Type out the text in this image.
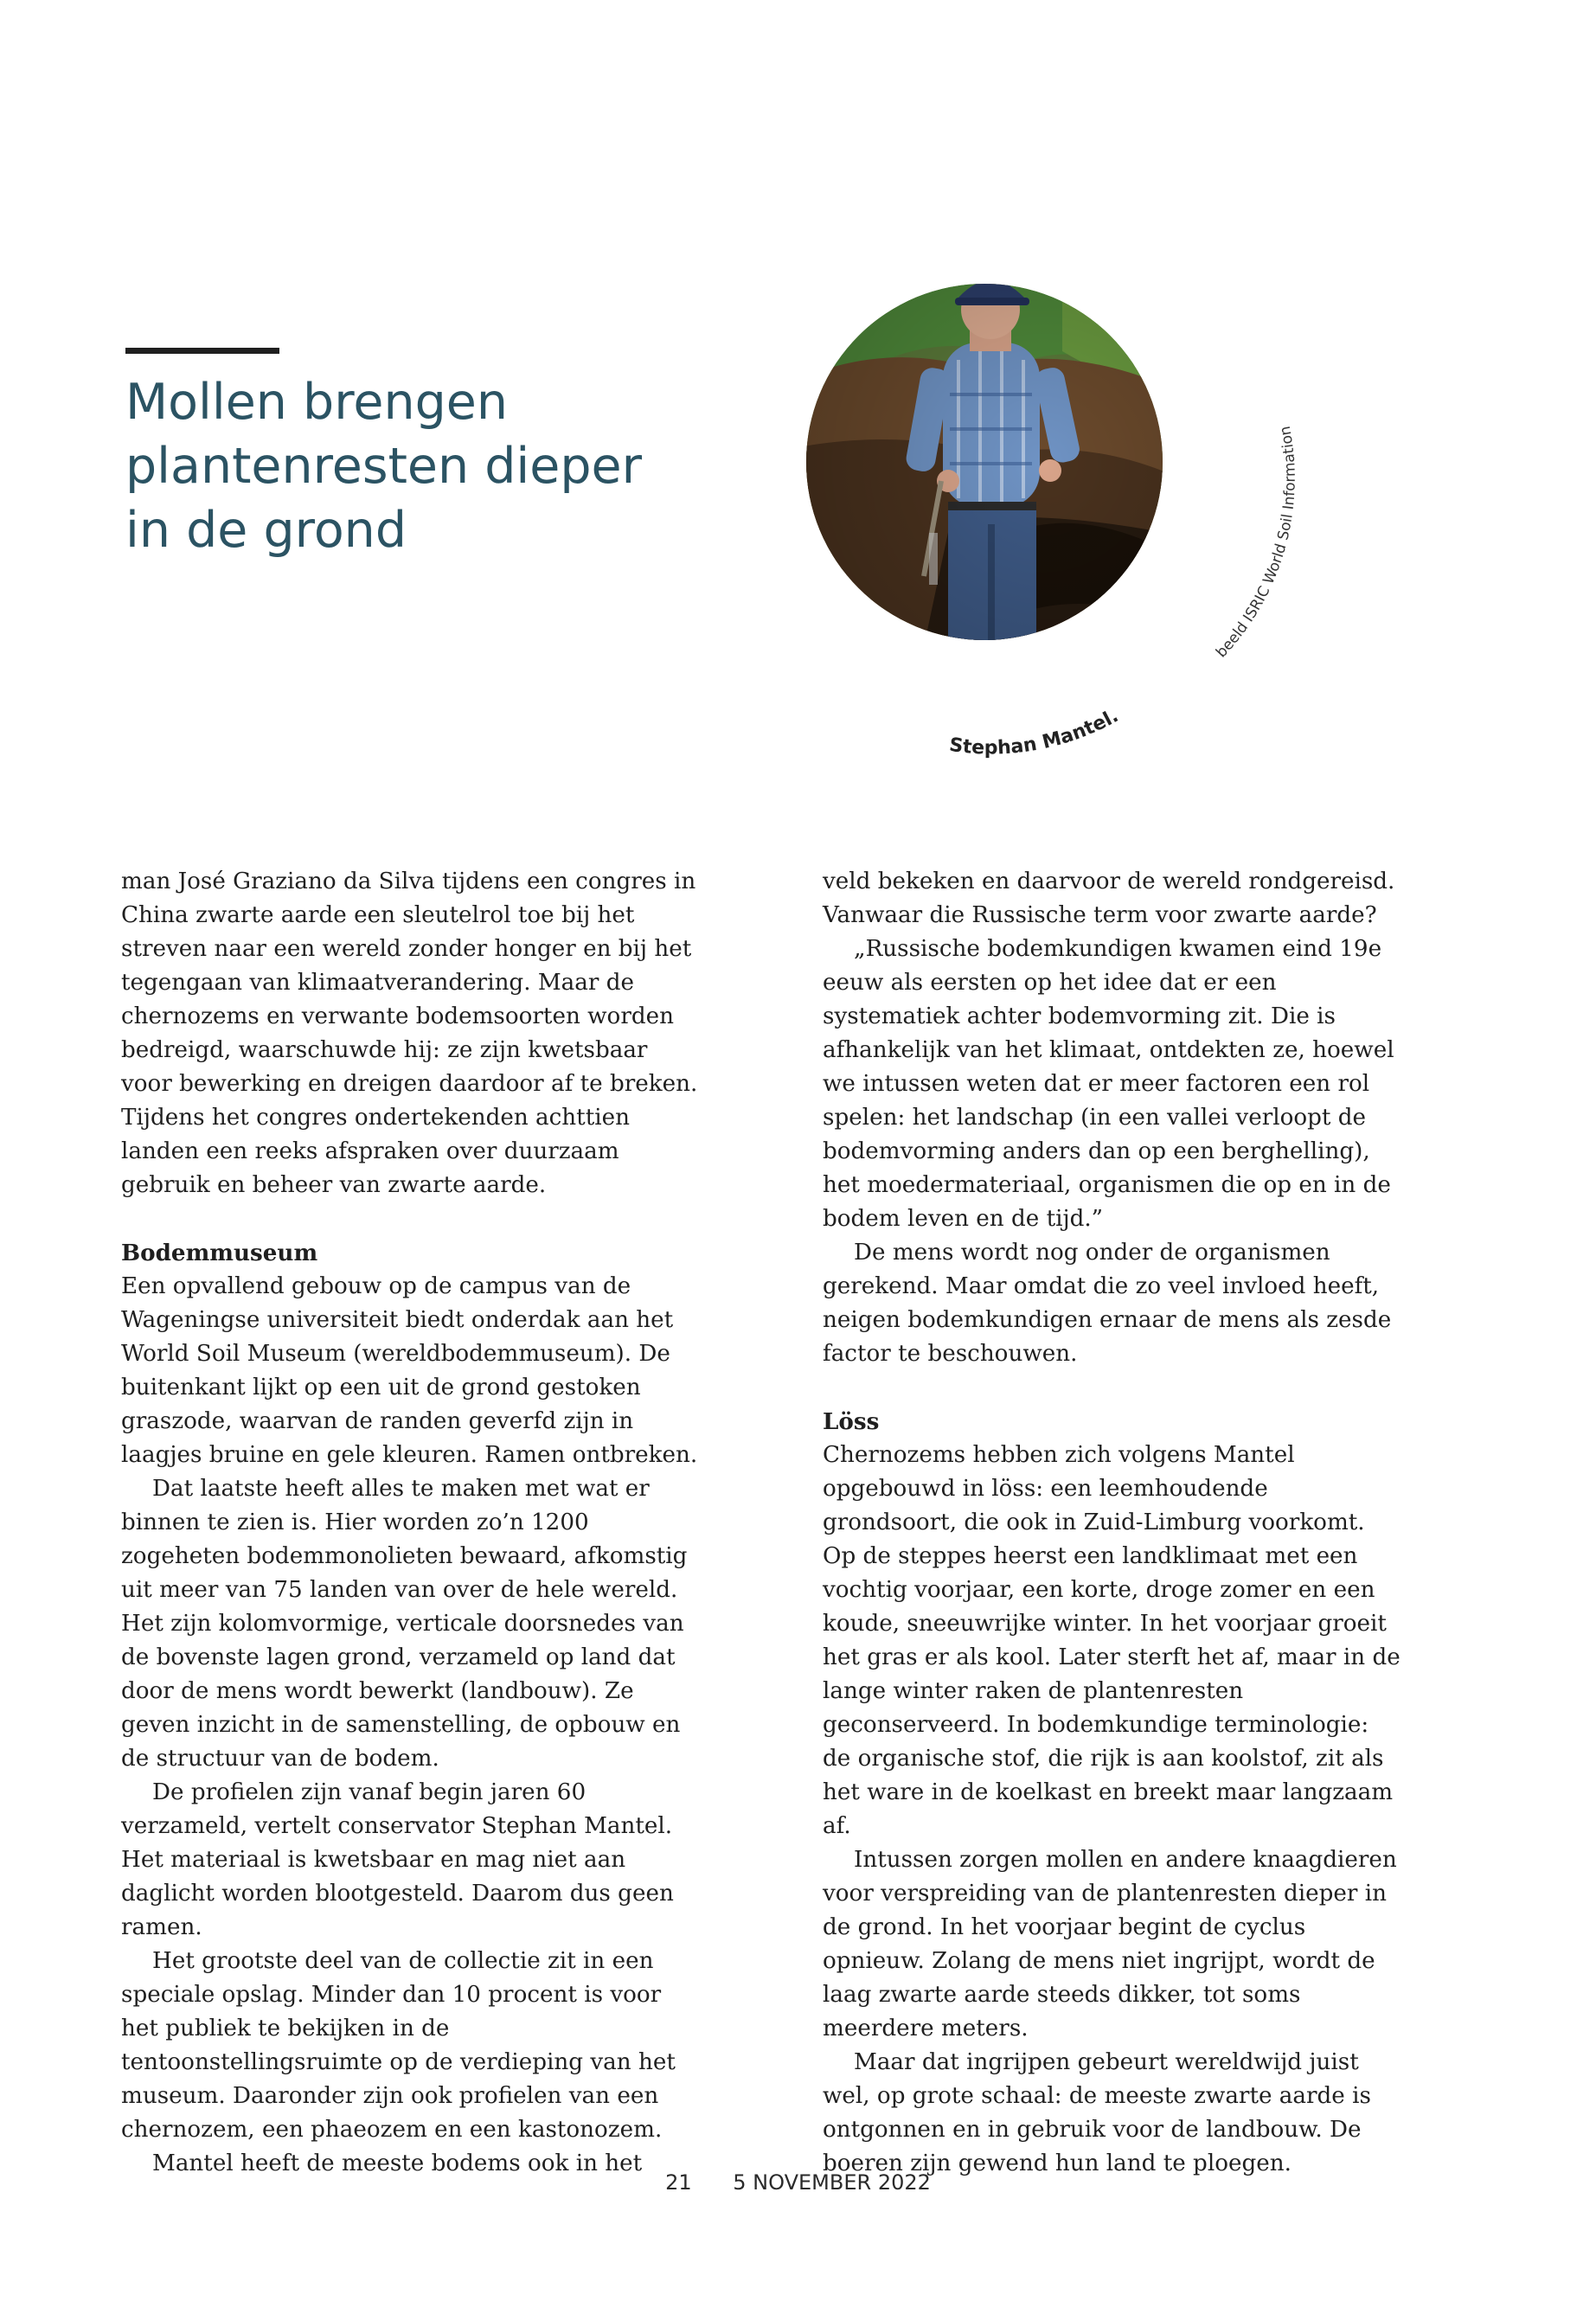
Mollen brengen
plantenresten dieper
in de grond
Stephan Mantel.
beeld ISRIC World Soil Information

man José Graziano da Silva tijdens een congres in China zwarte aarde een sleutelrol toe bij het streven naar een wereld zonder honger en bij het tegengaan van klimaatverandering. Maar de chernozems en verwante bodemsoorten worden bedreigd, waarschuwde hij: ze zijn kwetsbaar voor bewerking en dreigen daardoor af te breken. Tijdens het congres ondertekenden achttien landen een reeks afspraken over duurzaam gebruik en beheer van zwarte aarde.

Bodemmuseum

Een opvallend gebouw op de campus van de Wageningse universiteit biedt onderdak aan het World Soil Museum (wereldbodemmuseum). De buitenkant lijkt op een uit de grond gestoken graszode, waarvan de randen geverfd zijn in laagjes bruine en gele kleuren. Ramen ontbreken.

Dat laatste heeft alles te maken met wat er binnen te zien is. Hier worden zo’n 1200 zogeheten bodemmonolieten bewaard, afkomstig uit meer van 75 landen van over de hele wereld. Het zijn kolomvormige, verticale doorsnedes van de bovenste lagen grond, verzameld op land dat door de mens wordt bewerkt (landbouw). Ze geven inzicht in de samenstelling, de opbouw en de structuur van de bodem.

De profielen zijn vanaf begin jaren 60 verzameld, vertelt conservator Stephan Mantel. Het materiaal is kwetsbaar en mag niet aan daglicht worden blootgesteld. Daarom dus geen ramen.

Het grootste deel van de collectie zit in een speciale opslag. Minder dan 10 procent is voor het publiek te bekijken in de tentoonstellingsruimte op de verdieping van het museum. Daaronder zijn ook profielen van een chernozem, een phaeozem en een kastonozem.

Mantel heeft de meeste bodems ook in het

veld bekeken en daarvoor de wereld rondgereisd. Vanwaar die Russische term voor zwarte aarde?

„Russische bodemkundigen kwamen eind 19e eeuw als eersten op het idee dat er een systematiek achter bodemvorming zit. Die is afhankelijk van het klimaat, ontdekten ze, hoewel we intussen weten dat er meer factoren een rol spelen: het landschap (in een vallei verloopt de bodemvorming anders dan op een berghelling), het moedermateriaal, organismen die op en in de bodem leven en de tijd.”

De mens wordt nog onder de organismen gerekend. Maar omdat die zo veel invloed heeft, neigen bodemkundigen ernaar de mens als zesde factor te beschouwen.

Löss

Chernozems hebben zich volgens Mantel opgebouwd in löss: een leemhoudende grondsoort, die ook in Zuid-Limburg voorkomt. Op de steppes heerst een landklimaat met een vochtig voorjaar, een korte, droge zomer en een koude, sneeuwrijke winter. In het voorjaar groeit het gras er als kool. Later sterft het af, maar in de lange winter raken de plantenresten geconserveerd. In bodemkundige terminologie: de organische stof, die rijk is aan koolstof, zit als het ware in de koelkast en breekt maar langzaam af.

Intussen zorgen mollen en andere knaagdieren voor verspreiding van de plantenresten dieper in de grond. In het voorjaar begint de cyclus opnieuw. Zolang de mens niet ingrijpt, wordt de laag zwarte aarde steeds dikker, tot soms meerdere meters.

Maar dat ingrijpen gebeurt wereldwijd juist wel, op grote schaal: de meeste zwarte aarde is ontgonnen en in gebruik voor de landbouw. De boeren zijn gewend hun land te ploegen.

21 5 NOVEMBER 2022
